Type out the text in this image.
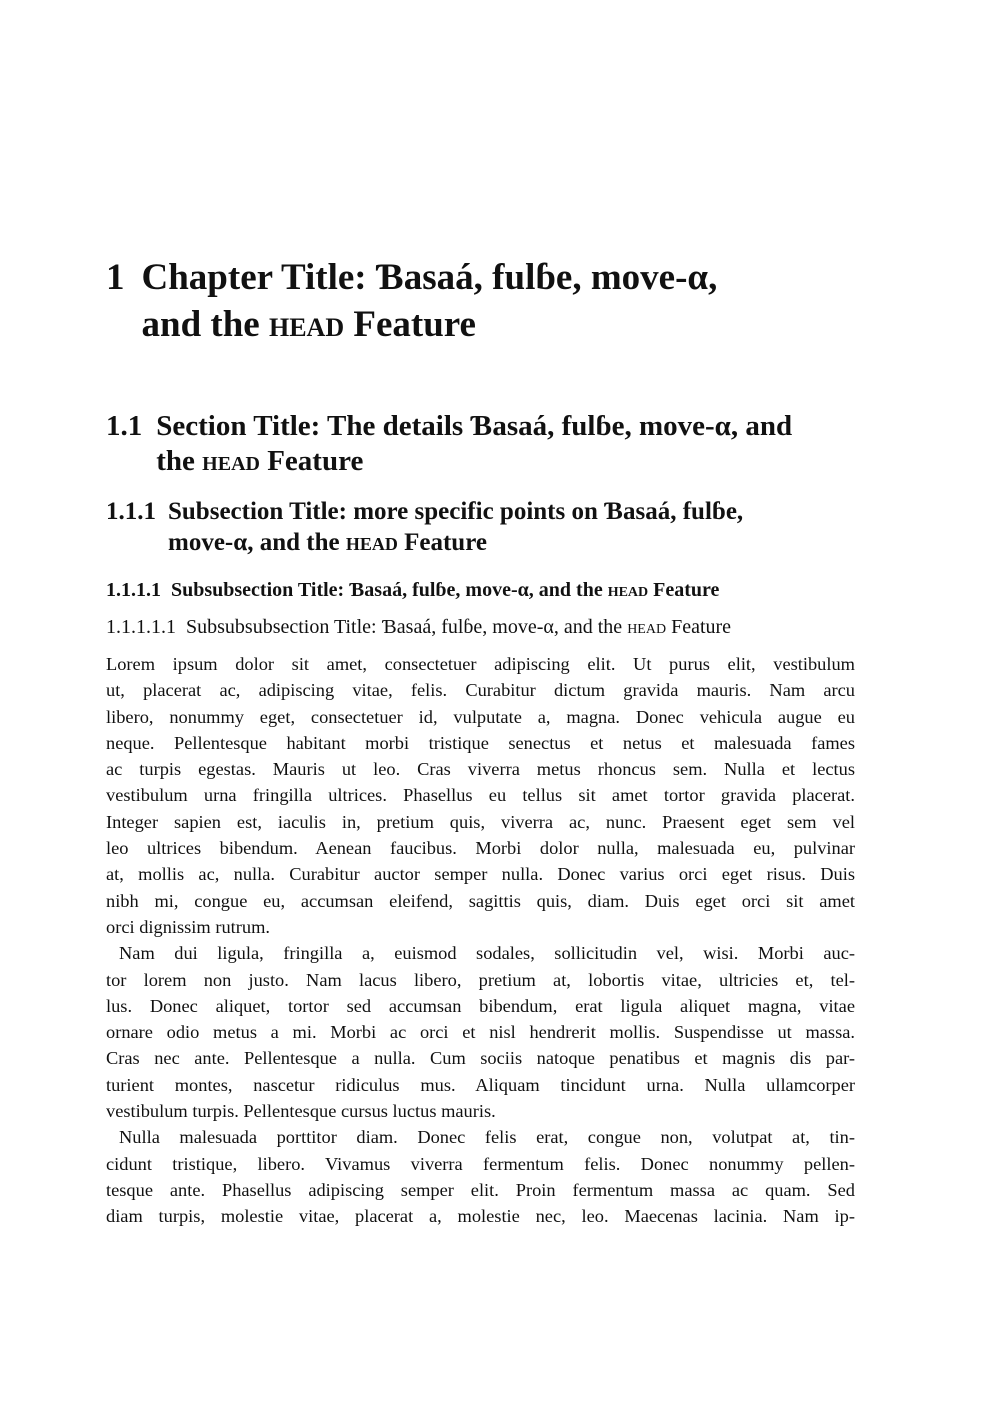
1 Chapter Title: Ɓasaá, fulɓe, move-α,
and the head Feature
1.1 Section Title: The details Ɓasaá, fulɓe, move-α, and
the head Feature
1.1.1 Subsection Title: more specific points on Ɓasaá, fulɓe,
move-α, and the head Feature
1.1.1.1 Subsubsection Title: Ɓasaá, fulɓe, move-α, and the head Feature
1.1.1.1.1 Subsubsubsection Title: Ɓasaá, fulɓe, move-α, and the head Feature
Lorem ipsum dolor sit amet, consectetuer adipiscing elit. Ut purus elit, vestibulum
ut, placerat ac, adipiscing vitae, felis. Curabitur dictum gravida mauris. Nam arcu
libero, nonummy eget, consectetuer id, vulputate a, magna. Donec vehicula augue eu
neque. Pellentesque habitant morbi tristique senectus et netus et malesuada fames
ac turpis egestas. Mauris ut leo. Cras viverra metus rhoncus sem. Nulla et lectus
vestibulum urna fringilla ultrices. Phasellus eu tellus sit amet tortor gravida placerat.
Integer sapien est, iaculis in, pretium quis, viverra ac, nunc. Praesent eget sem vel
leo ultrices bibendum. Aenean faucibus. Morbi dolor nulla, malesuada eu, pulvinar
at, mollis ac, nulla. Curabitur auctor semper nulla. Donec varius orci eget risus. Duis
nibh mi, congue eu, accumsan eleifend, sagittis quis, diam. Duis eget orci sit amet
orci dignissim rutrum.
Nam dui ligula, fringilla a, euismod sodales, sollicitudin vel, wisi. Morbi auc-
tor lorem non justo. Nam lacus libero, pretium at, lobortis vitae, ultricies et, tel-
lus. Donec aliquet, tortor sed accumsan bibendum, erat ligula aliquet magna, vitae
ornare odio metus a mi. Morbi ac orci et nisl hendrerit mollis. Suspendisse ut massa.
Cras nec ante. Pellentesque a nulla. Cum sociis natoque penatibus et magnis dis par-
turient montes, nascetur ridiculus mus. Aliquam tincidunt urna. Nulla ullamcorper
vestibulum turpis. Pellentesque cursus luctus mauris.
Nulla malesuada porttitor diam. Donec felis erat, congue non, volutpat at, tin-
cidunt tristique, libero. Vivamus viverra fermentum felis. Donec nonummy pellen-
tesque ante. Phasellus adipiscing semper elit. Proin fermentum massa ac quam. Sed
diam turpis, molestie vitae, placerat a, molestie nec, leo. Maecenas lacinia. Nam ip-
